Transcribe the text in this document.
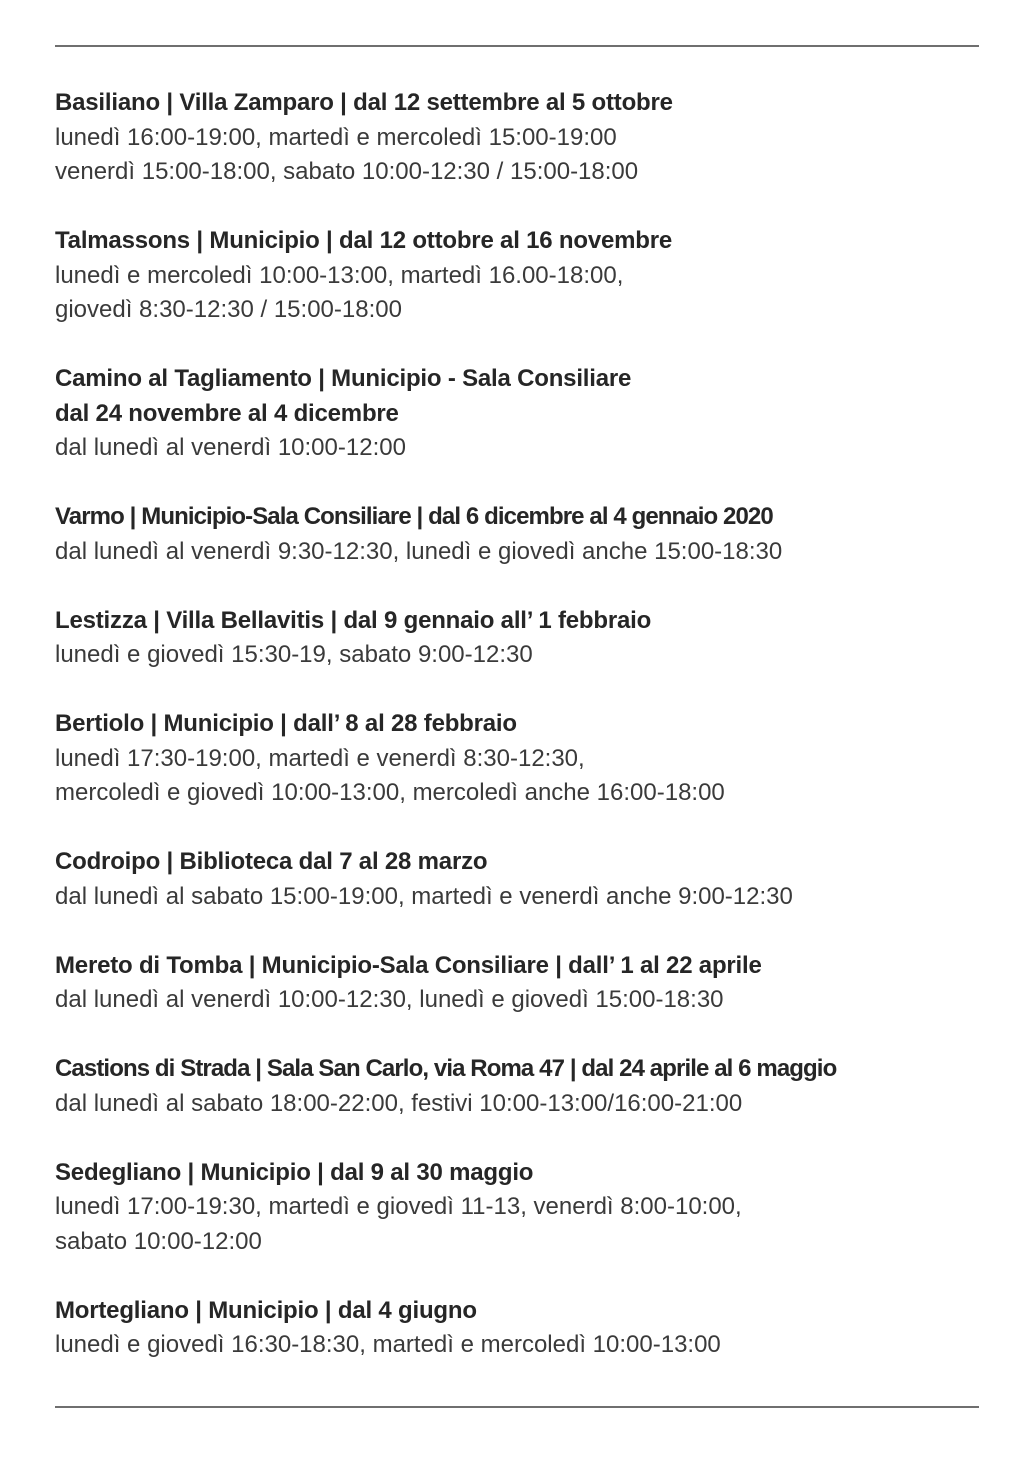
Basiliano | Villa Zamparo | dal 12 settembre al 5 ottobre
lunedì 16:00-19:00, martedì e mercoledì 15:00-19:00
venerdì 15:00-18:00, sabato 10:00-12:30 / 15:00-18:00
Talmassons | Municipio | dal 12 ottobre al 16 novembre
lunedì e mercoledì 10:00-13:00, martedì 16.00-18:00,
giovedì 8:30-12:30 / 15:00-18:00
Camino al Tagliamento | Municipio - Sala Consiliare
dal 24 novembre al 4 dicembre
dal lunedì al venerdì 10:00-12:00
Varmo | Municipio-Sala Consiliare | dal 6 dicembre al 4 gennaio 2020
dal lunedì al venerdì 9:30-12:30, lunedì e giovedì anche 15:00-18:30
Lestizza | Villa Bellavitis | dal 9 gennaio all’ 1 febbraio
lunedì e giovedì 15:30-19, sabato 9:00-12:30
Bertiolo | Municipio | dall’ 8 al 28 febbraio
lunedì 17:30-19:00, martedì e venerdì 8:30-12:30,
mercoledì e giovedì 10:00-13:00, mercoledì anche 16:00-18:00
Codroipo | Biblioteca dal 7 al 28 marzo
dal lunedì al sabato 15:00-19:00, martedì e venerdì anche 9:00-12:30
Mereto di Tomba | Municipio-Sala Consiliare | dall’ 1 al 22 aprile
dal lunedì al venerdì 10:00-12:30, lunedì e giovedì 15:00-18:30
Castions di Strada | Sala San Carlo, via Roma 47 | dal 24 aprile al 6 maggio
dal lunedì al sabato 18:00-22:00, festivi 10:00-13:00/16:00-21:00
Sedegliano | Municipio | dal 9 al 30 maggio
lunedì 17:00-19:30, martedì e giovedì 11-13, venerdì 8:00-10:00,
sabato 10:00-12:00
Mortegliano | Municipio | dal 4 giugno
lunedì e giovedì 16:30-18:30, martedì e mercoledì 10:00-13:00
